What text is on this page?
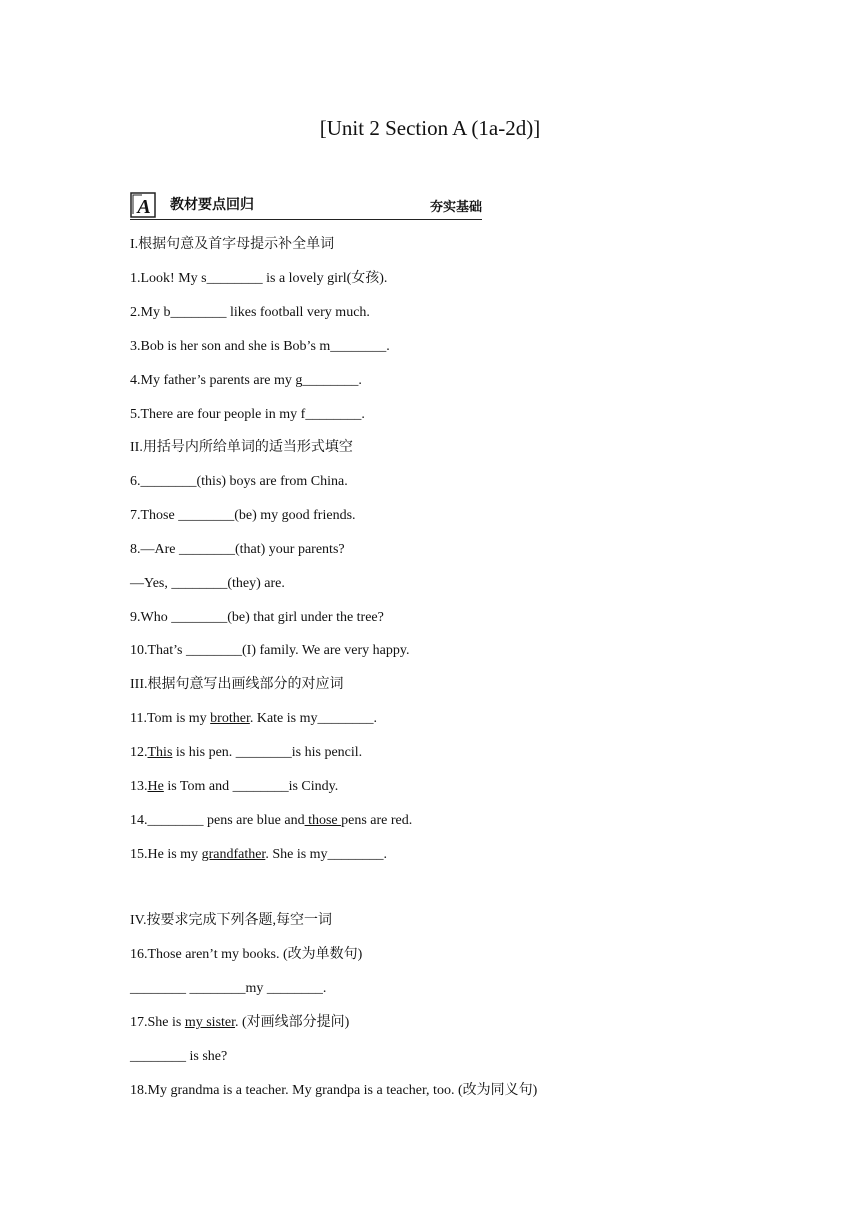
[Unit 2 Section A (1a-2d)]
A 教材要点回归	夯实基础
I.根据句意及首字母提示补全单词
1.Look! My s________ is a lovely girl(女孩).
2.My b________ likes football very much.
3.Bob is her son and she is Bob’s m________.
4.My father’s parents are my g________.
5.There are four people in my f________.
II.用括号内所给单词的适当形式填空
6.________(this) boys are from China.
7.Those ________(be) my good friends.
8.—Are ________(that) your parents?
—Yes, ________(they) are.
9.Who ________(be) that girl under the tree?
10.That’s ________(I) family. We are very happy.
III.根据句意写出画线部分的对应词
11.Tom is my brother. Kate is my________.
12.This is his pen. ________is his pencil.
13.He is Tom and ________is Cindy.
14.________ pens are blue and those pens are red.
15.He is my grandfather. She is my________.
IV.按要求完成下列各题,每空一词
16.Those aren’t my books. (改为单数句)
________ ________my ________.
17.She is my sister. (对画线部分提问)
________ is she?
18.My grandma is a teacher. My grandpa is a teacher, too. (改为同义句)
